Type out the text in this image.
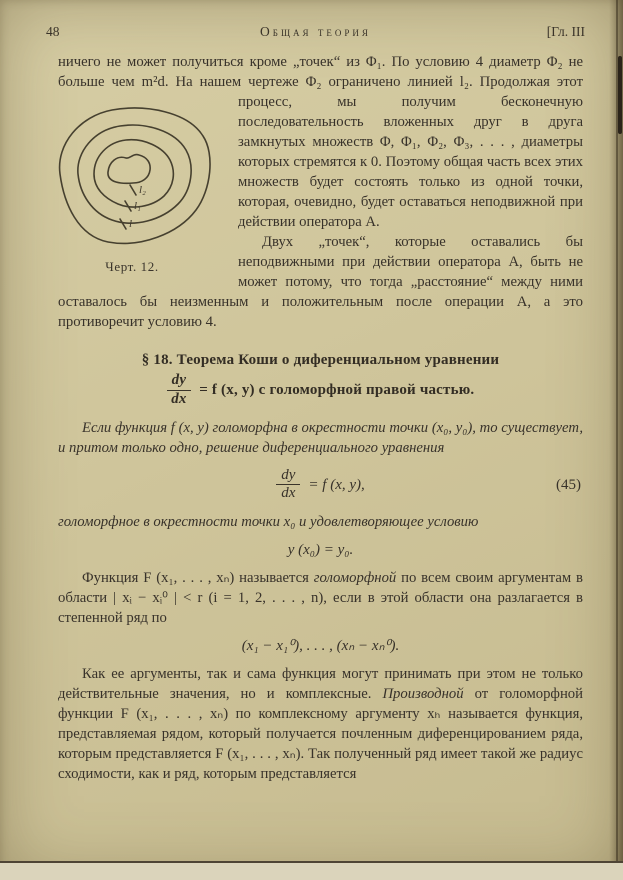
48	Общая теория	[Гл. III

ничего не может получиться кроме „точек“ из Φ₁. По условию 4 диаметр Φ₂ не больше чем m²d. На нашем чертеже Φ₂ ограничено линией l₂. Продолжая этот процесс, мы получим бесконечную
l₂
l₁
l
Черт. 12.
последовательность вложенных друг в друга замкнутых множеств Φ, Φ₁, Φ₂, Φ₃, . . . , диаметры которых стремятся к 0. Поэтому общая часть всех этих множеств будет состоять только из одной точки, которая, очевидно, будет оставаться неподвижной при действии оператора A.

Двух „точек“, которые оставались бы неподвижными при действии оператора A, быть не может потому, что тогда „расстояние“ между ними оставалось бы неизменным и положительным после операции A, а это противоречит условию 4.

§ 18. Теорема Коши о диференциальном уравнении
$\frac{dy}{dx} = f$ (x, y) с голоморфной правой частью.

Если функция f (x, y) голоморфна в окрестности точки (x₀, y₀), то существует, и притом только одно, решение диференциального уравнения

$\frac{dy}{dx} = f$ (x, y),	(45)

голоморфное в окрестности точки x₀ и удовлетворяющее условию

y (x₀) = y₀.

Функция F (x₁, . . . , xₙ) называется голоморфной по всем своим аргументам в области | xᵢ − xᵢ⁰ | < r (i = 1, 2, . . . , n), если в этой области она разлагается в степенной ряд по

(x₁ − x₁⁰), . . . , (xₙ − xₙ⁰).

Как ее аргументы, так и сама функция могут принимать при этом не только действительные значения, но и комплексные. Производной от голоморфной функции F (x₁, . . . , xₙ) по комплексному аргументу xₕ называется функция, представляемая рядом, который получается почленным диференцированием ряда, которым представляется F (x₁, . . . , xₙ). Так полученный ряд имеет такой же радиус сходимости, как и ряд, которым представляется
